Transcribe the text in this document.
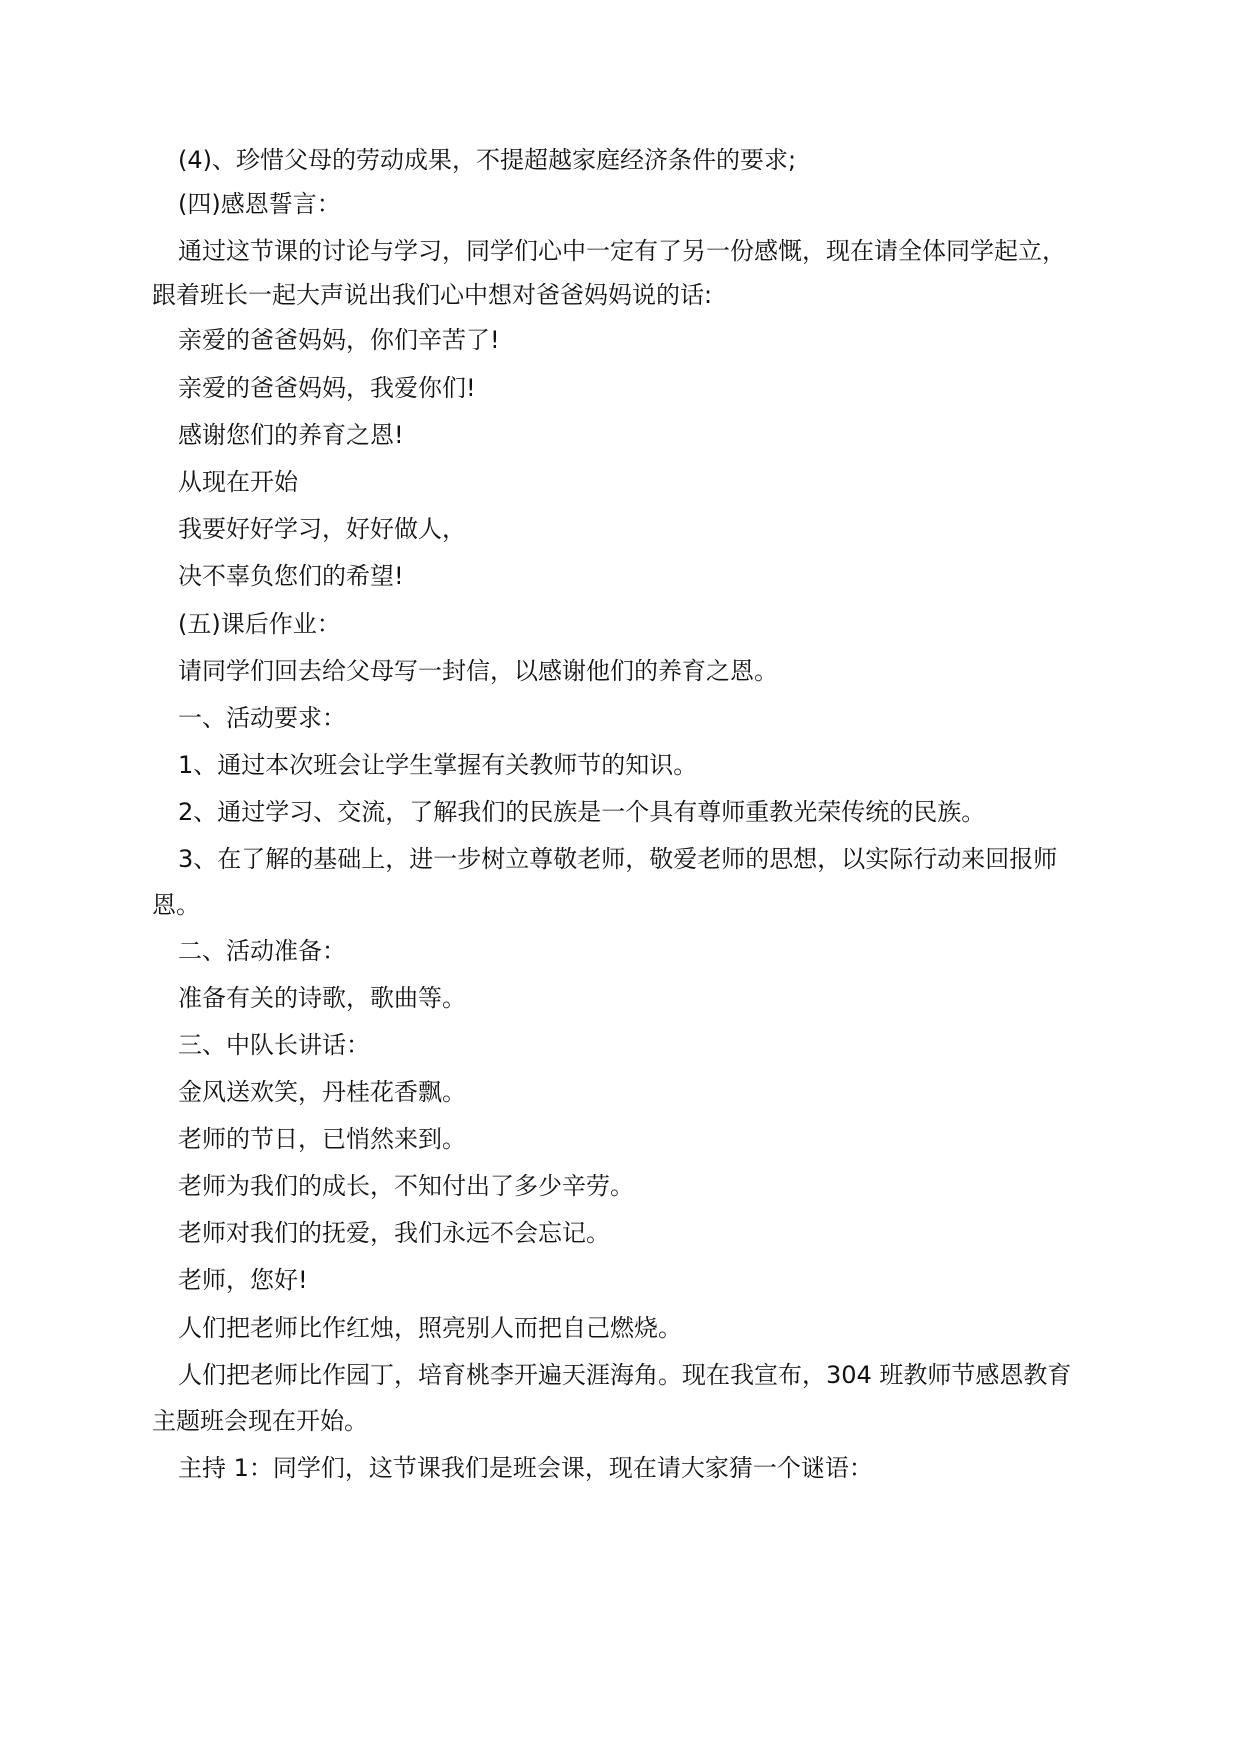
(4)、珍惜父母的劳动成果，不提超越家庭经济条件的要求;
(四)感恩誓言：
通过这节课的讨论与学习，同学们心中一定有了另一份感慨，现在请全体同学起立，
跟着班长一起大声说出我们心中想对爸爸妈妈说的话:
亲爱的爸爸妈妈，你们辛苦了!
亲爱的爸爸妈妈，我爱你们!
感谢您们的养育之恩!
从现在开始
我要好好学习，好好做人，
决不辜负您们的希望!
(五)课后作业：
请同学们回去给父母写一封信，以感谢他们的养育之恩。
一、活动要求：
1、通过本次班会让学生掌握有关教师节的知识。
2、通过学习、交流，了解我们的民族是一个具有尊师重教光荣传统的民族。
3、在了解的基础上，进一步树立尊敬老师，敬爱老师的思想，以实际行动来回报师
恩。
二、活动准备：
准备有关的诗歌，歌曲等。
三、中队长讲话：
金风送欢笑，丹桂花香飘。
老师的节日，已悄然来到。
老师为我们的成长，不知付出了多少辛劳。
老师对我们的抚爱，我们永远不会忘记。
老师，您好!
人们把老师比作红烛，照亮别人而把自己燃烧。
人们把老师比作园丁，培育桃李开遍天涯海角。现在我宣布，304 班教师节感恩教育
主题班会现在开始。
主持 1：同学们，这节课我们是班会课，现在请大家猜一个谜语：
